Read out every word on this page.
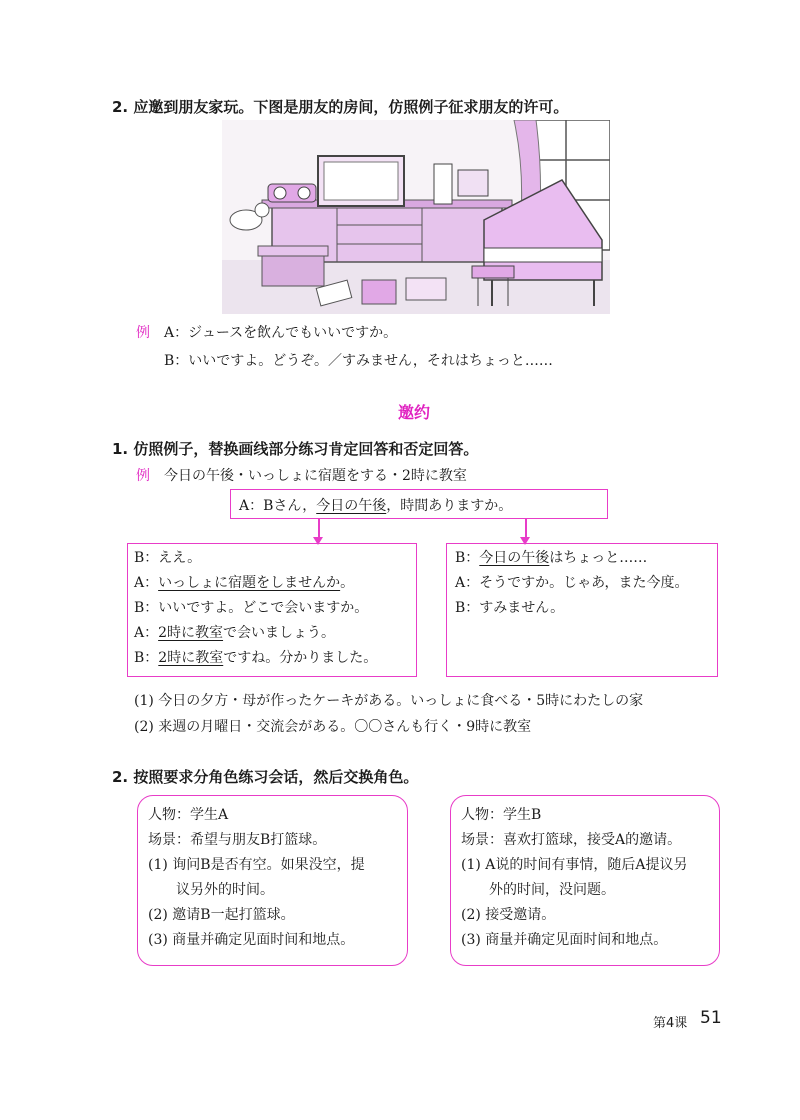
2. 应邀到朋友家玩。下图是朋友的房间，仿照例子征求朋友的许可。
例 A：ジュースを飲んでもいいですか。
B：いいですよ。どうぞ。／すみません，それはちょっと……
邀约
1. 仿照例子，替换画线部分练习肯定回答和否定回答。
例 今日の午後・いっしょに宿題をする・2時に教室
A：Bさん，今日の午後，時間ありますか。
B：ええ。
A：いっしょに宿題をしませんか。
B：いいですよ。どこで会いますか。
A：2時に教室で会いましょう。
B：2時に教室ですね。分かりました。
B：今日の午後はちょっと……
A：そうですか。じゃあ，また今度。
B：すみません。
(1) 今日の夕方・母が作ったケーキがある。いっしょに食べる・5時にわたしの家
(2) 来週の月曜日・交流会がある。〇〇さんも行く・9時に教室
2. 按照要求分角色练习会话，然后交换角色。
人物：学生A
场景：希望与朋友B打篮球。
(1) 询问B是否有空。如果没空，提
　　议另外的时间。
(2) 邀请B一起打篮球。
(3) 商量并确定见面时间和地点。
人物：学生B
场景：喜欢打篮球，接受A的邀请。
(1) A说的时间有事情，随后A提议另
　　外的时间，没问题。
(2) 接受邀请。
(3) 商量并确定见面时间和地点。
第4课 51
